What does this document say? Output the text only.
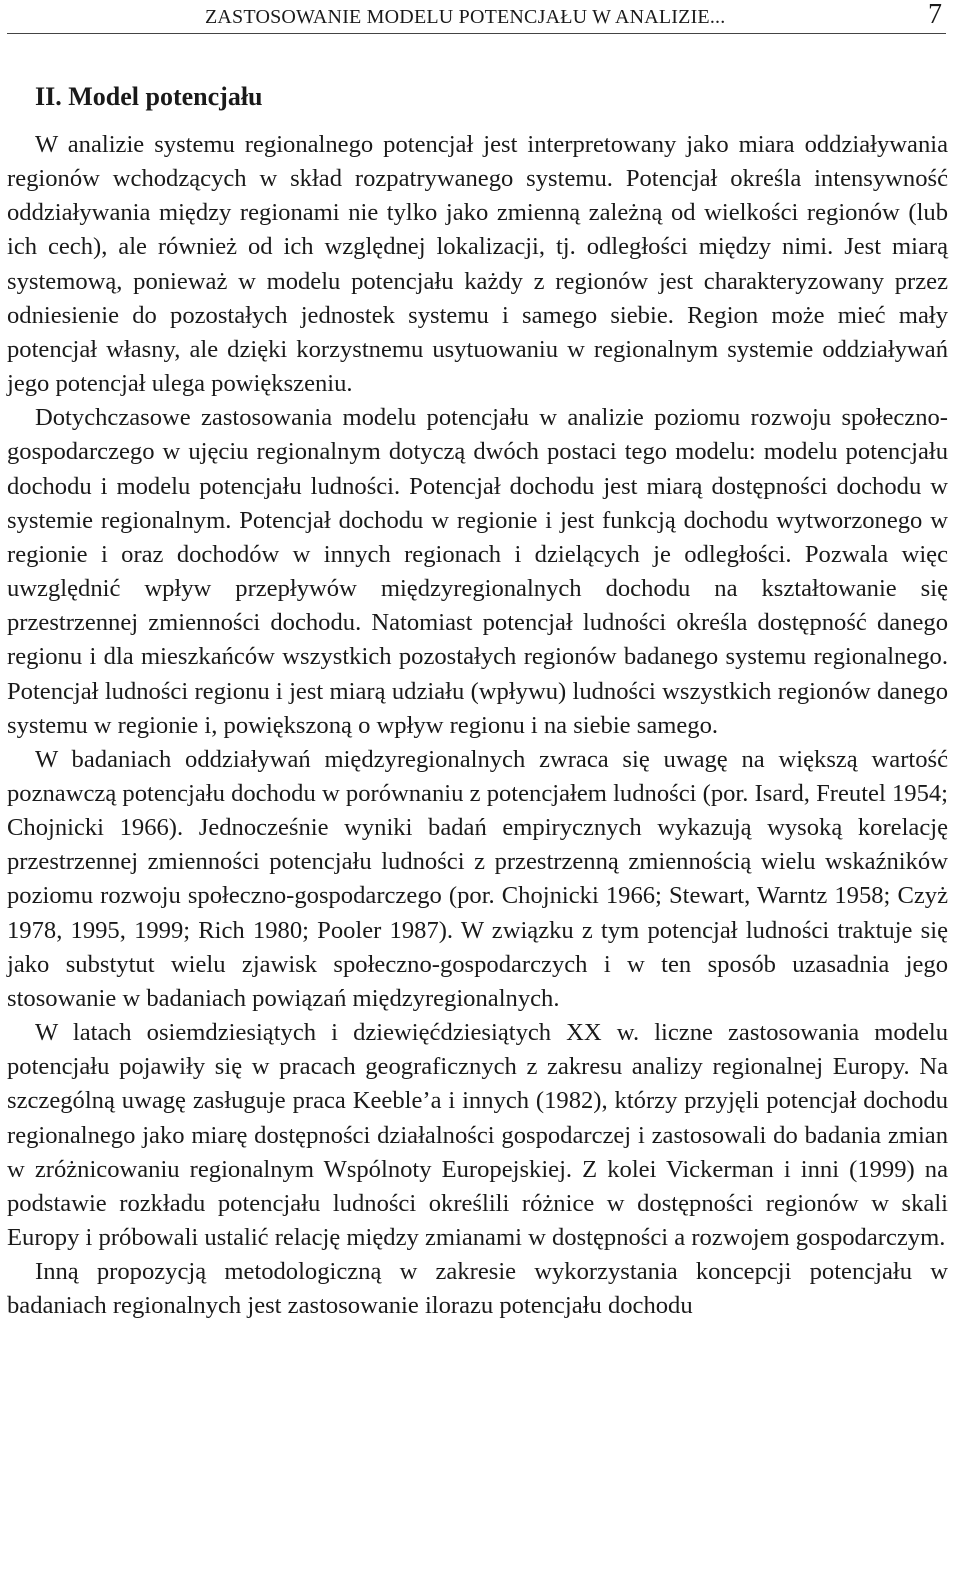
ZASTOSOWANIE MODELU POTENCJAŁU W ANALIZIE...	7
II. Model potencjału

W analizie systemu regionalnego potencjał jest interpretowany jako miara oddziaływania regionów wchodzących w skład rozpatrywanego systemu. Potencjał określa intensywność oddziaływania między regionami nie tylko jako zmienną zależną od wielkości regionów (lub ich cech), ale również od ich względnej lokalizacji, tj. odległości między nimi. Jest miarą systemową, ponieważ w modelu potencjału każdy z regionów jest charakteryzowany przez odniesienie do pozostałych jednostek systemu i samego siebie. Region może mieć mały potencjał własny, ale dzięki korzystnemu usytuowaniu w regionalnym systemie oddziaływań jego potencjał ulega powiększeniu.

Dotychczasowe zastosowania modelu potencjału w analizie poziomu rozwoju społeczno-gospodarczego w ujęciu regionalnym dotyczą dwóch postaci tego modelu: modelu potencjału dochodu i modelu potencjału ludności. Potencjał dochodu jest miarą dostępności dochodu w systemie regionalnym. Potencjał dochodu w regionie i jest funkcją dochodu wytworzonego w regionie i oraz dochodów w innych regionach i dzielących je odległości. Pozwala więc uwzględnić wpływ przepływów międzyregionalnych dochodu na kształtowanie się przestrzennej zmienności dochodu. Natomiast potencjał ludności określa dostępność danego regionu i dla mieszkańców wszystkich pozostałych regionów badanego systemu regionalnego. Potencjał ludności regionu i jest miarą udziału (wpływu) ludności wszystkich regionów danego systemu w regionie i, powiększoną o wpływ regionu i na siebie samego.

W badaniach oddziaływań międzyregionalnych zwraca się uwagę na większą wartość poznawczą potencjału dochodu w porównaniu z potencjałem ludności (por. Isard, Freutel 1954; Chojnicki 1966). Jednocześnie wyniki badań empirycznych wykazują wysoką korelację przestrzennej zmienności potencjału ludności z przestrzenną zmiennością wielu wskaźników poziomu rozwoju społeczno-gospodarczego (por. Chojnicki 1966; Stewart, Warntz 1958; Czyż 1978, 1995, 1999; Rich 1980; Pooler 1987). W związku z tym potencjał ludności traktuje się jako substytut wielu zjawisk społeczno-gospodarczych i w ten sposób uzasadnia jego stosowanie w badaniach powiązań międzyregionalnych.

W latach osiemdziesiątych i dziewięćdziesiątych XX w. liczne zastosowania modelu potencjału pojawiły się w pracach geograficznych z zakresu analizy regionalnej Europy. Na szczególną uwagę zasługuje praca Keeble’a i innych (1982), którzy przyjęli potencjał dochodu regionalnego jako miarę dostępności działalności gospodarczej i zastosowali do badania zmian w zróżnicowaniu regionalnym Wspólnoty Europejskiej. Z kolei Vickerman i inni (1999) na podstawie rozkładu potencjału ludności określili różnice w dostępności regionów w skali Europy i próbowali ustalić relację między zmianami w dostępności a rozwojem gospodarczym.

Inną propozycją metodologiczną w zakresie wykorzystania koncepcji potencjału w badaniach regionalnych jest zastosowanie ilorazu potencjału dochodu
